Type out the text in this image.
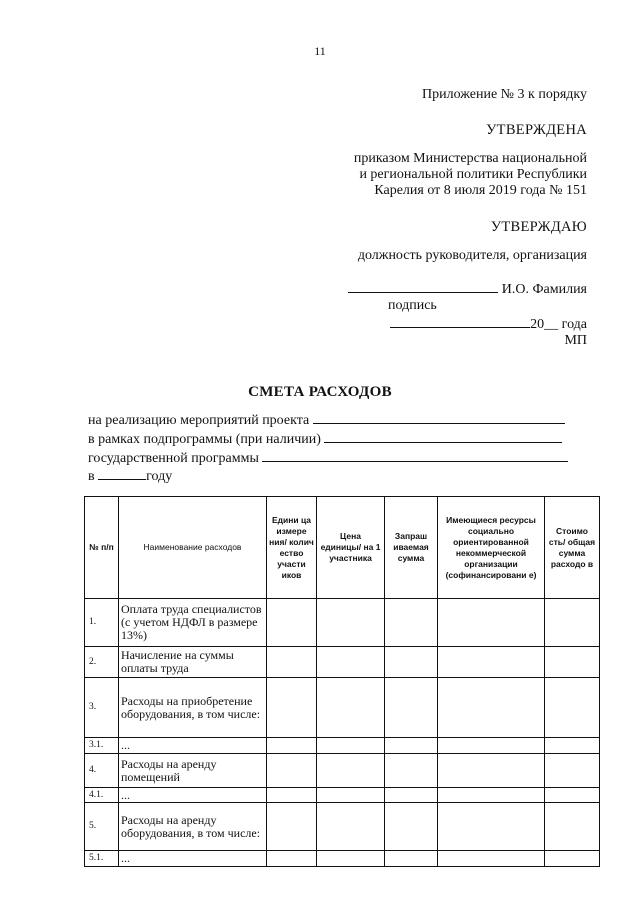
11
Приложение № 3 к порядку
УТВЕРЖДЕНА
приказом Министерства национальной
и региональной политики Республики
Карелия от 8 июля 2019 года № 151
УТВЕРЖДАЮ
должность руководителя, организация
И.О. Фамилия
подпись
20__ года
МП
СМЕТА РАСХОДОВ
на реализацию мероприятий проекта
в рамках подпрограммы (при наличии)
государственной программы
в	году
№ п/п	Наименование расходов	Едини ца измере ния/ колич ество участи иков	Цена единицы/ на 1 участника	Запраш иваемая сумма	Имеющиеся ресурсы социально ориентированной некоммерческой организации (софинансировани е)	Стоимо сть/ общая сумма расходо в
1.	Оплата труда специалистов (с учетом НДФЛ в размере 13%)					
2.	Начисление на суммы оплаты труда					
3.	Расходы на приобретение оборудования, в том числе:					
3.1.	...					
4.	Расходы на аренду помещений					
4.1.	...					
5.	Расходы на аренду оборудования, в том числе:					
5.1.	...					
